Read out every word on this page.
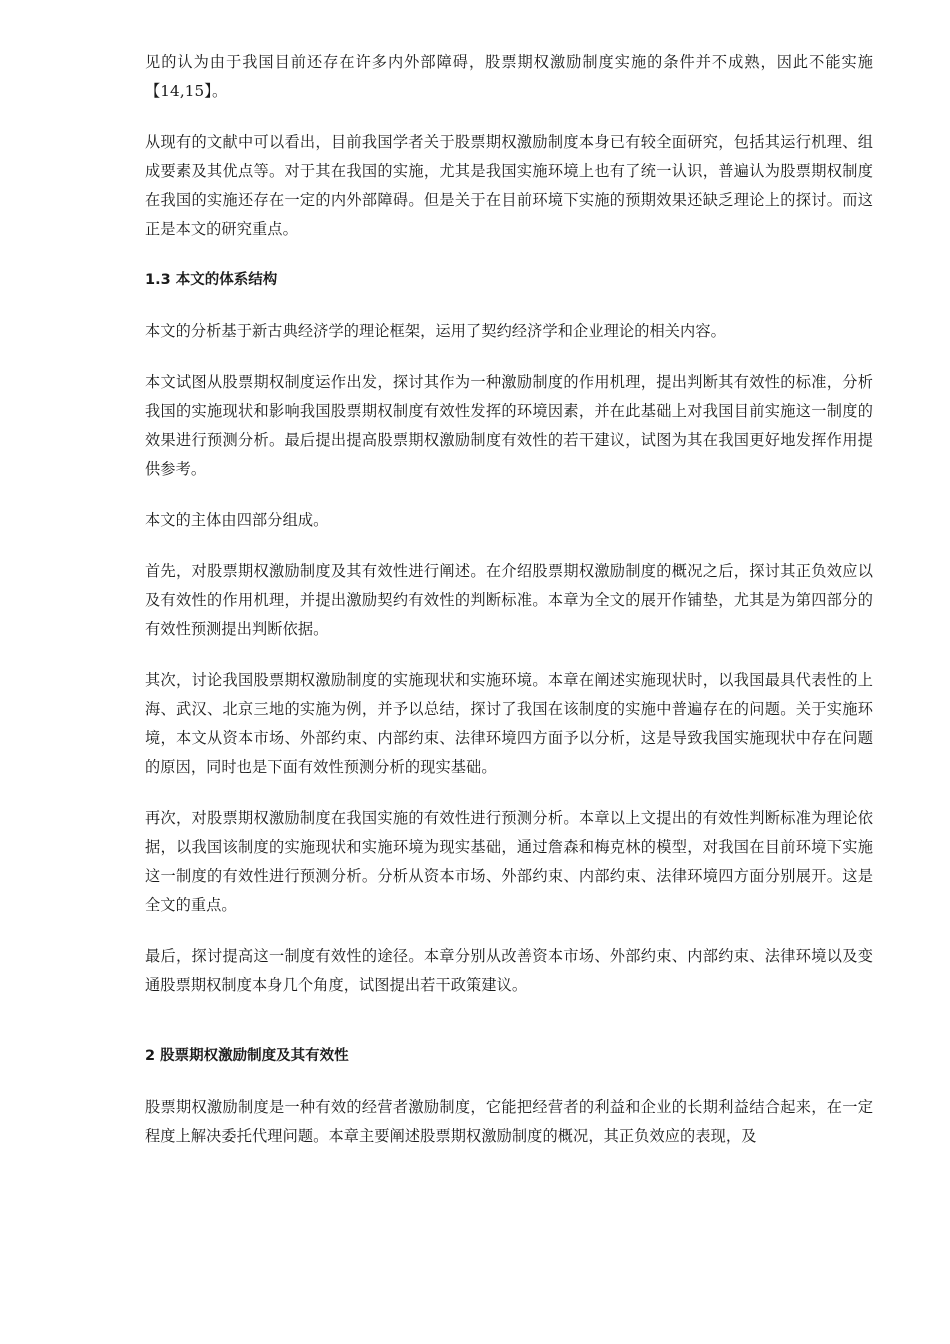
见的认为由于我国目前还存在许多内外部障碍，股票期权激励制度实施的条件并不成熟，因此不能实施【14,15】。

从现有的文献中可以看出，目前我国学者关于股票期权激励制度本身已有较全面研究，包括其运行机理、组成要素及其优点等。对于其在我国的实施，尤其是我国实施环境上也有了统一认识，普遍认为股票期权制度在我国的实施还存在一定的内外部障碍。但是关于在目前环境下实施的预期效果还缺乏理论上的探讨。而这正是本文的研究重点。

1.3 本文的体系结构

本文的分析基于新古典经济学的理论框架，运用了契约经济学和企业理论的相关内容。

本文试图从股票期权制度运作出发，探讨其作为一种激励制度的作用机理，提出判断其有效性的标准，分析我国的实施现状和影响我国股票期权制度有效性发挥的环境因素，并在此基础上对我国目前实施这一制度的效果进行预测分析。最后提出提高股票期权激励制度有效性的若干建议，试图为其在我国更好地发挥作用提供参考。

本文的主体由四部分组成。

首先，对股票期权激励制度及其有效性进行阐述。在介绍股票期权激励制度的概况之后，探讨其正负效应以及有效性的作用机理，并提出激励契约有效性的判断标准。本章为全文的展开作铺垫，尤其是为第四部分的有效性预测提出判断依据。

其次，讨论我国股票期权激励制度的实施现状和实施环境。本章在阐述实施现状时，以我国最具代表性的上海、武汉、北京三地的实施为例，并予以总结，探讨了我国在该制度的实施中普遍存在的问题。关于实施环境，本文从资本市场、外部约束、内部约束、法律环境四方面予以分析，这是导致我国实施现状中存在问题的原因，同时也是下面有效性预测分析的现实基础。

再次，对股票期权激励制度在我国实施的有效性进行预测分析。本章以上文提出的有效性判断标准为理论依据，以我国该制度的实施现状和实施环境为现实基础，通过詹森和梅克林的模型，对我国在目前环境下实施这一制度的有效性进行预测分析。分析从资本市场、外部约束、内部约束、法律环境四方面分别展开。这是全文的重点。

最后，探讨提高这一制度有效性的途径。本章分别从改善资本市场、外部约束、内部约束、法律环境以及变通股票期权制度本身几个角度，试图提出若干政策建议。

2 股票期权激励制度及其有效性

股票期权激励制度是一种有效的经营者激励制度，它能把经营者的利益和企业的长期利益结合起来，在一定程度上解决委托代理问题。本章主要阐述股票期权激励制度的概况，其正负效应的表现，及
